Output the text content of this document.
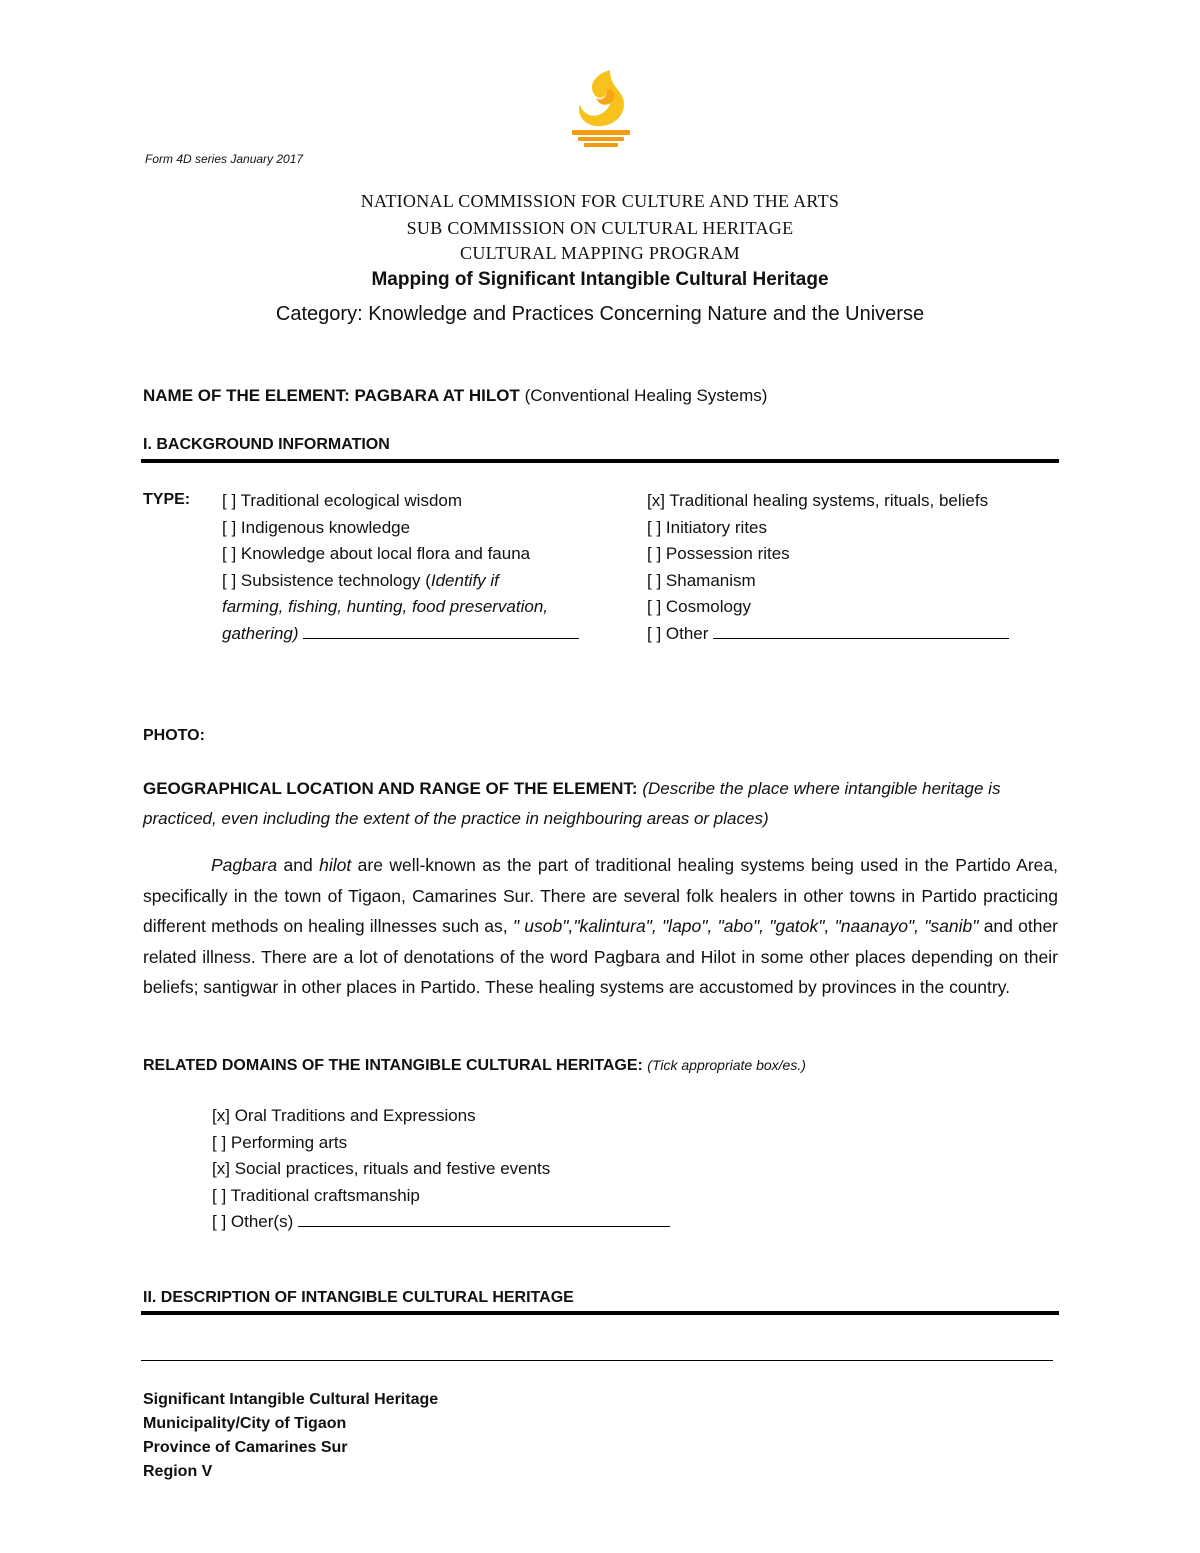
Form 4D series January 2017
NATIONAL COMMISSION FOR CULTURE AND THE ARTS
SUB COMMISSION ON CULTURAL HERITAGE
CULTURAL MAPPING PROGRAM
Mapping of Significant Intangible Cultural Heritage
Category: Knowledge and Practices Concerning Nature and the Universe
NAME OF THE ELEMENT: PAGBARA AT HILOT (Conventional Healing Systems)
I. BACKGROUND INFORMATION
TYPE: [ ] Traditional ecological wisdom
[ ] Indigenous knowledge
[ ] Knowledge about local flora and fauna
[ ] Subsistence technology (Identify if
farming, fishing, hunting, food preservation,
gathering)
[x] Traditional healing systems, rituals, beliefs
[ ] Initiatory rites
[ ] Possession rites
[ ] Shamanism
[ ] Cosmology
[ ] Other
PHOTO:
GEOGRAPHICAL LOCATION AND RANGE OF THE ELEMENT: (Describe the place where intangible heritage is practiced, even including the extent of the practice in neighbouring areas or places)

Pagbara and hilot are well-known as the part of traditional healing systems being used in the Partido Area, specifically in the town of Tigaon, Camarines Sur. There are several folk healers in other towns in Partido practicing different methods on healing illnesses such as, " usob","kalintura", "lapo", "abo", "gatok", "naanayo", "sanib" and other related illness. There are a lot of denotations of the word Pagbara and Hilot in some other places depending on their beliefs; santigwar in other places in Partido. These healing systems are accustomed by provinces in the country.

RELATED DOMAINS OF THE INTANGIBLE CULTURAL HERITAGE: (Tick appropriate box/es.)
[x] Oral Traditions and Expressions
[ ] Performing arts
[x] Social practices, rituals and festive events
[ ] Traditional craftsmanship
[ ] Other(s)
II. DESCRIPTION OF INTANGIBLE CULTURAL HERITAGE
Significant Intangible Cultural Heritage
Municipality/City of Tigaon
Province of Camarines Sur
Region V
